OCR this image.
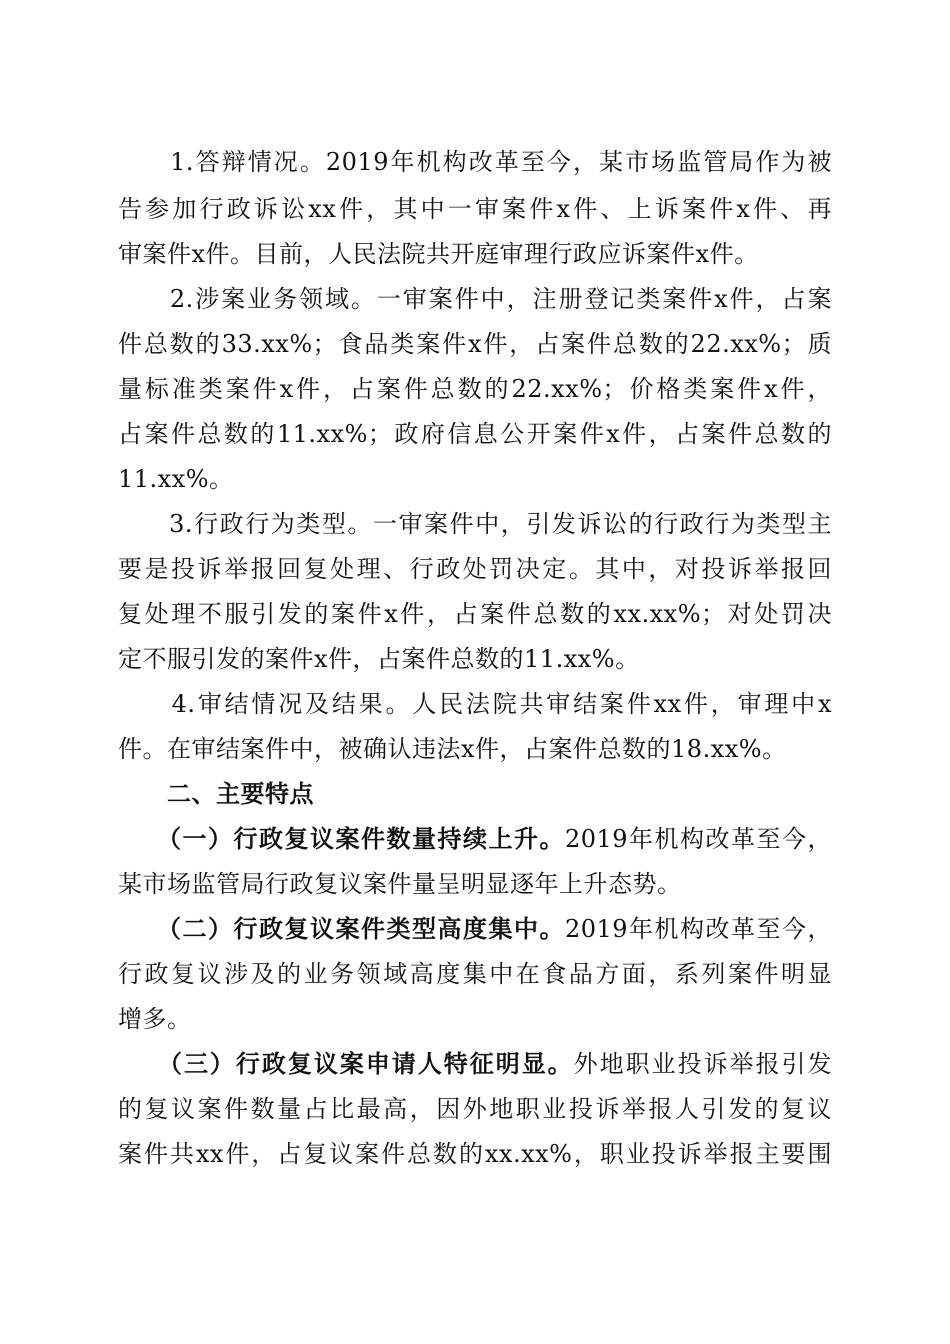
　　1.答辩情况。2019年机构改革至今，某市场监管局作为被
告参加行政诉讼xx件，其中一审案件x件、上诉案件x件、再
审案件x件。目前，人民法院共开庭审理行政应诉案件x件。
　　2.涉案业务领域。一审案件中，注册登记类案件x件，占案
件总数的33.xx%；食品类案件x件，占案件总数的22.xx%；质
量标准类案件x件，占案件总数的22.xx%；价格类案件x件，
占案件总数的11.xx%；政府信息公开案件x件，占案件总数的
11.xx%。
　　3.行政行为类型。一审案件中，引发诉讼的行政行为类型主
要是投诉举报回复处理、行政处罚决定。其中，对投诉举报回
复处理不服引发的案件x件，占案件总数的xx.xx%；对处罚决
定不服引发的案件x件，占案件总数的11.xx%。
　　4.审结情况及结果。人民法院共审结案件xx件，审理中x
件。在审结案件中，被确认违法x件，占案件总数的18.xx%。
　　二、主要特点
　　（一）行政复议案件数量持续上升。2019年机构改革至今，
某市场监管局行政复议案件量呈明显逐年上升态势。
　　（二）行政复议案件类型高度集中。2019年机构改革至今，
行政复议涉及的业务领域高度集中在食品方面，系列案件明显
增多。
　　（三）行政复议案申请人特征明显。外地职业投诉举报引发
的复议案件数量占比最高，因外地职业投诉举报人引发的复议
案件共xx件，占复议案件总数的xx.xx%，职业投诉举报主要围
